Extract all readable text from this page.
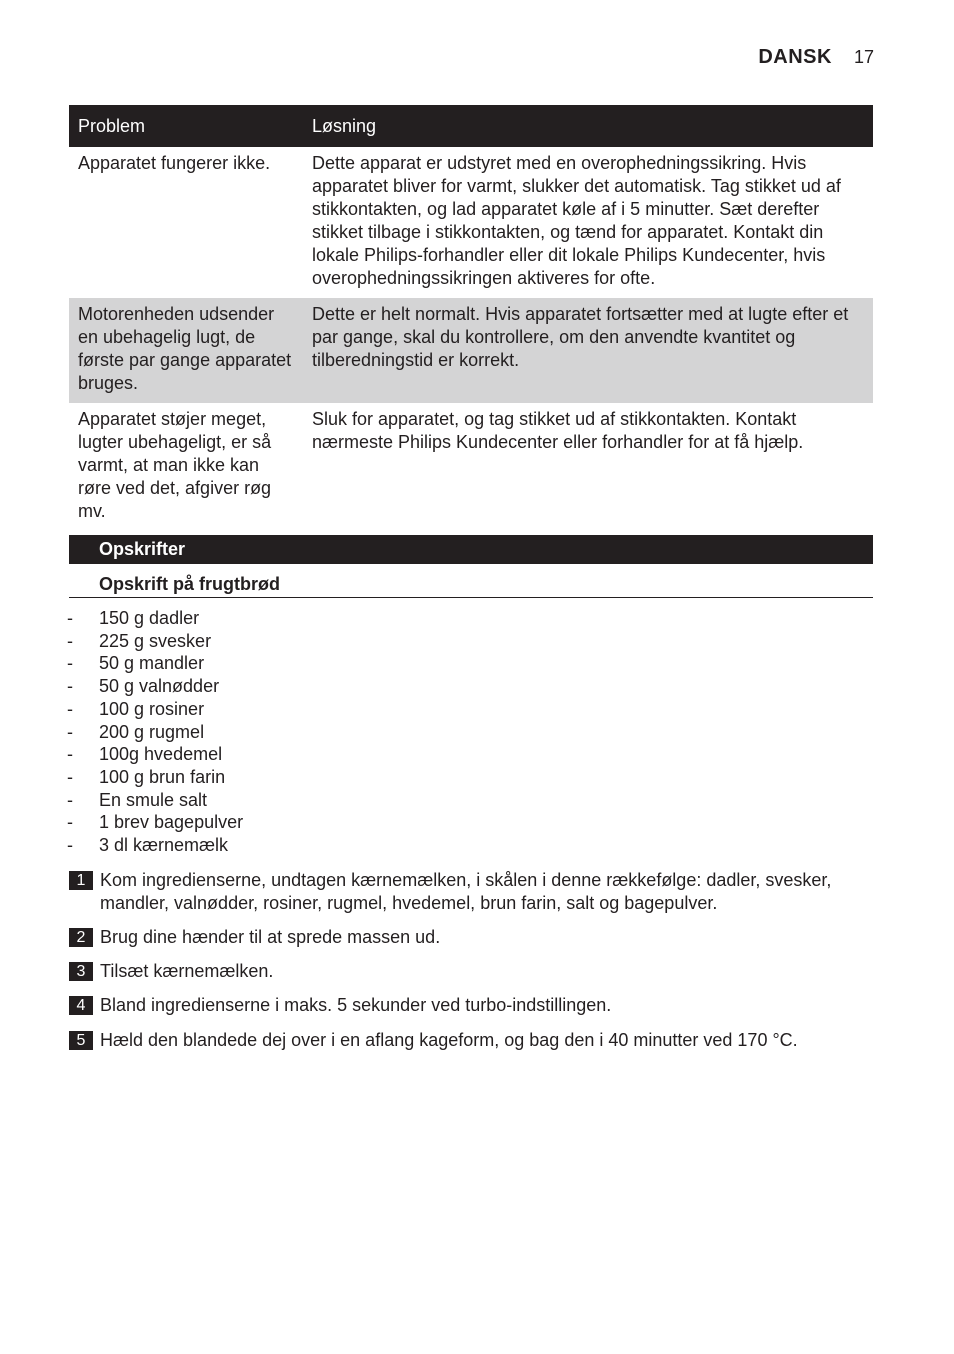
DANSK 17
Problem	Løsning
Apparatet fungerer ikke.	Dette apparat er udstyret med en overophedningssikring. Hvis apparatet bliver for varmt, slukker det automatisk. Tag stikket ud af stikkontakten, og lad apparatet køle af i 5 minutter. Sæt derefter stikket tilbage i stikkontakten, og tænd for apparatet. Kontakt din lokale Philips-forhandler eller dit lokale Philips Kundecenter, hvis overophedningssikringen aktiveres for ofte.
Motorenheden udsender en ubehagelig lugt, de første par gange apparatet bruges.	Dette er helt normalt. Hvis apparatet fortsætter med at lugte efter et par gange, skal du kontrollere, om den anvendte kvantitet og tilberedningstid er korrekt.
Apparatet støjer meget, lugter ubehageligt, er så varmt, at man ikke kan røre ved det, afgiver røg mv.	Sluk for apparatet, og tag stikket ud af stikkontakten. Kontakt nærmeste Philips Kundecenter eller forhandler for at få hjælp.
Opskrifter
Opskrift på frugtbrød
-	150 g dadler
-	225 g svesker
-	50 g mandler
-	50 g valnødder
-	100 g rosiner
-	200 g rugmel
-	100g hvedemel
-	100 g brun farin
-	En smule salt
-	1 brev bagepulver
-	3 dl kærnemælk
1 Kom ingredienserne, undtagen kærnemælken, i skålen i denne rækkefølge: dadler, svesker, mandler, valnødder, rosiner, rugmel, hvedemel, brun farin, salt og bagepulver.
2 Brug dine hænder til at sprede massen ud.
3 Tilsæt kærnemælken.
4 Bland ingredienserne i maks. 5 sekunder ved turbo-indstillingen.
5 Hæld den blandede dej over i en aflang kageform, og bag den i 40 minutter ved 170 °C.
